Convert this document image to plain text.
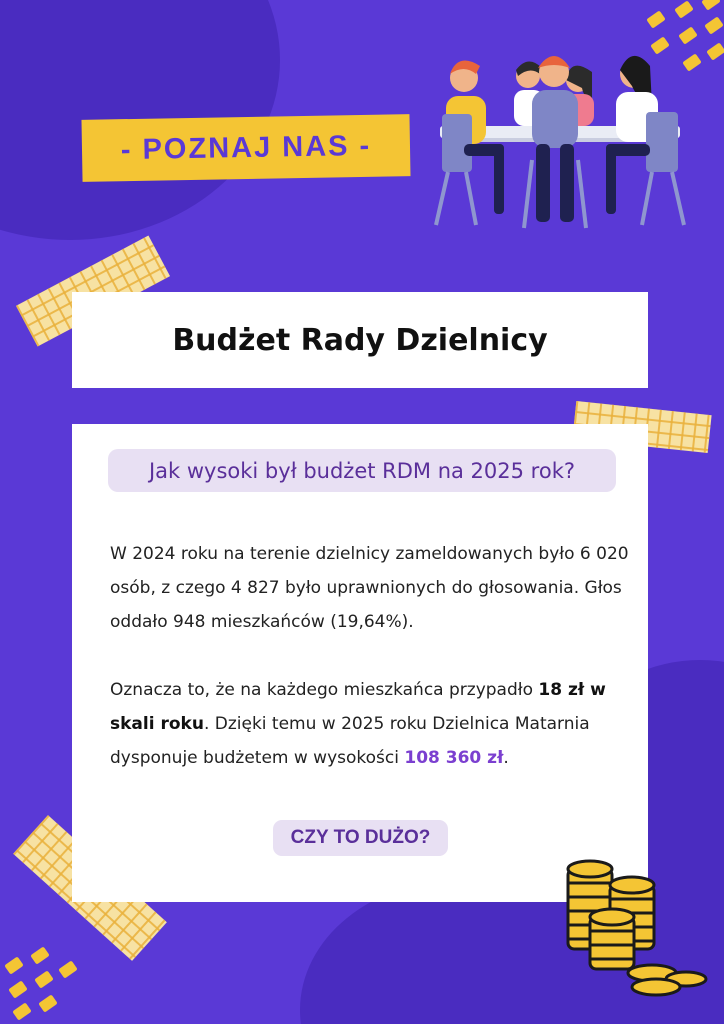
- POZNAJ NAS -
Budżet Rady Dzielnicy
Jak wysoki był budżet RDM na 2025 rok?

W 2024 roku na terenie dzielnicy zameldowanych było 6 020 osób, z czego 4 827 było uprawnionych do głosowania. Głos oddało 948 mieszkańców (19,64%).

Oznacza to, że na każdego mieszkańca przypadło 18 zł w skali roku. Dzięki temu w 2025 roku Dzielnica Matarnia dysponuje budżetem w wysokości 108 360 zł.

CZY TO DUŻO?
